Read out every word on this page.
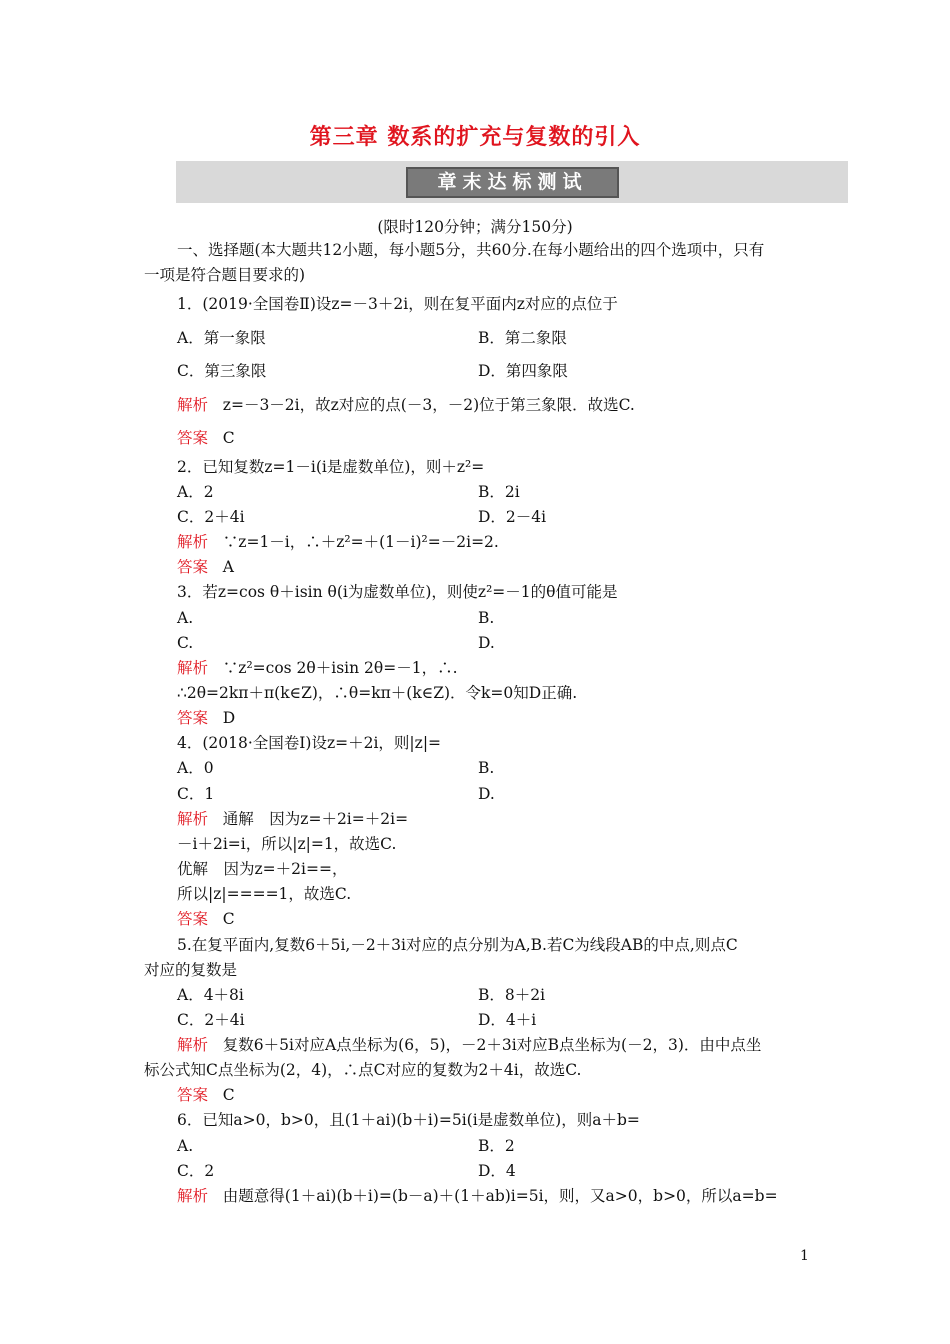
第三章 数系的扩充与复数的引入
章末达标测试
(限时120分钟；满分150分)
一、选择题(本大题共12小题，每小题5分，共60分.在每小题给出的四个选项中，只有
一项是符合题目要求的)
1．(2019·全国卷Ⅱ)设z=－3＋2i，则在复平面内z对应的点位于
A．第一象限	B．第二象限
C．第三象限	D．第四象限
解析 z=－3－2i，故z对应的点(－3，－2)位于第三象限．故选C.
答案 C
2．已知复数z=1－i(i是虚数单位)，则＋z²=
A．2	B．2i
C．2＋4i	D．2－4i
解析 ∵z=1－i，∴＋z²=＋(1－i)²=－2i=2.
答案 A
3．若z=cos θ＋isin θ(i为虚数单位)，则使z²=－1的θ值可能是
A.	B.
C.	D.
解析 ∵z²=cos 2θ＋isin 2θ=－1，∴.
∴2θ=2kπ＋π(k∈Z)，∴θ=kπ＋(k∈Z)．令k=0知D正确.
答案 D
4．(2018·全国卷Ⅰ)设z=＋2i，则|z|=
A．0	B.
C．1	D.
解析 通解　因为z=＋2i=＋2i=
－i＋2i=i，所以|z|=1，故选C.
优解　因为z=＋2i==，
所以|z|====1，故选C.
答案 C
5.在复平面内,复数6＋5i,－2＋3i对应的点分别为A,B.若C为线段AB的中点,则点C
对应的复数是
A．4＋8i	B．8＋2i
C．2＋4i	D．4＋i
解析 复数6＋5i对应A点坐标为(6，5)，－2＋3i对应B点坐标为(－2，3)．由中点坐
标公式知C点坐标为(2，4)，∴点C对应的复数为2＋4i，故选C.
答案 C
6．已知a>0，b>0，且(1＋ai)(b＋i)=5i(i是虚数单位)，则a＋b=
A.	B．2
C．2	D．4
解析 由题意得(1＋ai)(b＋i)=(b－a)＋(1＋ab)i=5i，则，又a>0，b>0，所以a=b=
1
